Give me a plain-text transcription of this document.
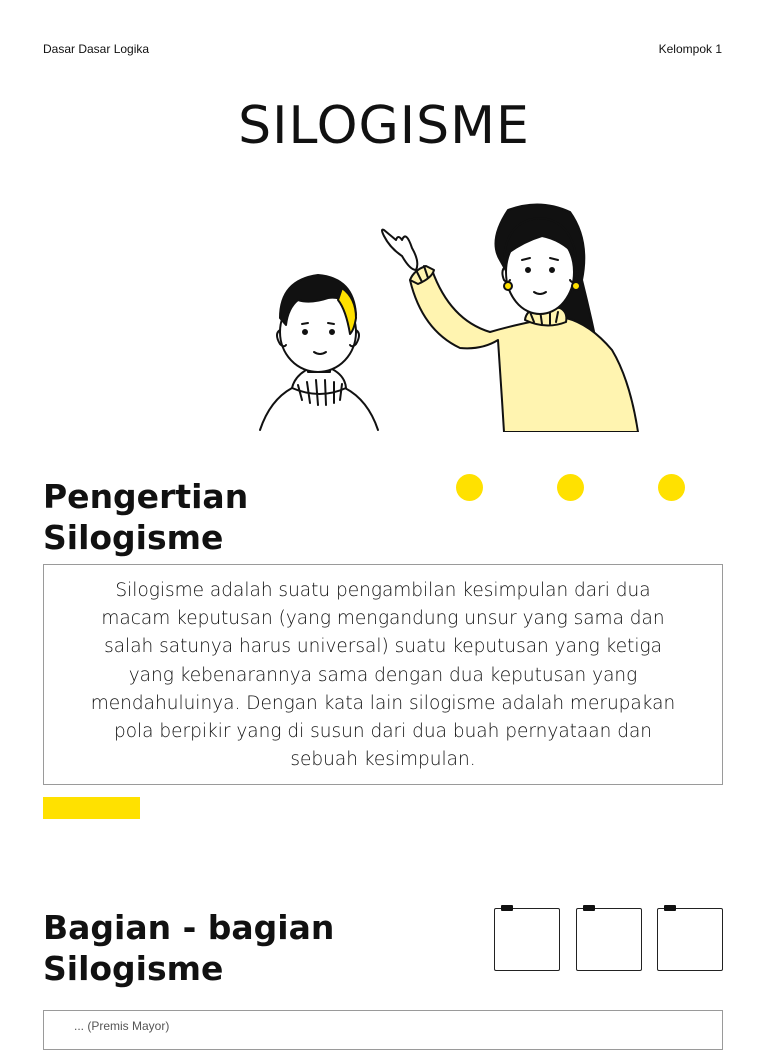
Dasar Dasar Logika	Kelompok 1
SILOGISME
Pengertian
Silogisme

Silogisme adalah suatu pengambilan kesimpulan dari dua macam keputusan (yang mengandung unsur yang sama dan salah satunya harus universal) suatu keputusan yang ketiga yang kebenarannya sama dengan dua keputusan yang mendahuluinya. Dengan kata lain silogisme adalah merupakan pola berpikir yang di susun dari dua buah pernyataan dan sebuah kesimpulan.

Bagian - bagian
Silogisme
... (Premis Mayor)
